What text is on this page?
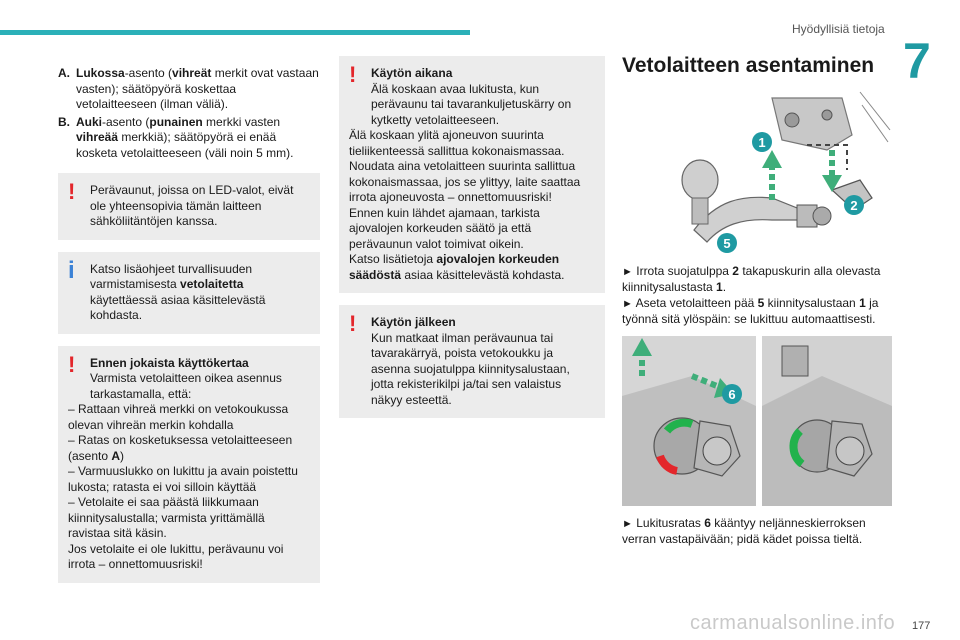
Hyödyllisiä tietoja
7
carmanualsonline.info 177
A. Lukossa-asento (vihreät merkit ovat vastaan vasten); säätöpyörä koskettaa vetolaitteeseen (ilman väliä).
B. Auki-asento (punainen merkki vasten vihreää merkkiä); säätöpyörä ei enää kosketa vetolaitteeseen (väli noin 5 mm).
!	Perävaunut, joissa on LED-valot, eivät ole yhteensopivia tämän laitteen sähköliitäntöjen kanssa.

i	Katso lisäohjeet turvallisuuden varmistamisesta vetolaitetta käytettäessä asiaa käsittelevästä kohdasta.

!	Ennen jokaista käyttökertaa

Varmista vetolaitteen oikea asennus tarkastamalla, että:

– Rattaan vihreä merkki on vetokoukussa olevan vihreän merkin kohdalla

– Ratas on kosketuksessa vetolaitteeseen (asento A)

– Varmuuslukko on lukittu ja avain poistettu lukosta; ratasta ei voi silloin käyttää

– Vetolaite ei saa päästä liikkumaan kiinnitysalustalla; varmista yrittämällä ravistaa sitä käsin.

Jos vetolaite ei ole lukittu, perävaunu voi irrota – onnettomuusriski!

!	Käytön aikana

Älä koskaan avaa lukitusta, kun perävaunu tai tavarankuljetuskärry on kytketty vetolaitteeseen.

Älä koskaan ylitä ajoneuvon suurinta tieliikenteessä sallittua kokonaismassaa.

Noudata aina vetolaitteen suurinta sallittua kokonaismassaa, jos se ylittyy, laite saattaa irrota ajoneuvosta – onnettomuusriski!

Ennen kuin lähdet ajamaan, tarkista ajovalojen korkeuden säätö ja että perävaunun valot toimivat oikein.

Katso lisätietoja ajovalojen korkeuden säädöstä asiaa käsittelevästä kohdasta.

!	Käytön jälkeen

Kun matkaat ilman perävaunua tai tavarakärryä, poista vetokoukku ja asenna suojatulppa kiinnitysalustaan, jotta rekisterikilpi ja/tai sen valaistus näkyy esteettä.

Vetolaitteen asentaminen
1
2
5
► Irrota suojatulppa 2 takapuskurin alla olevasta kiinnitysalustasta 1.
► Aseta vetolaitteen pää 5 kiinnitysalustaan 1 ja työnnä sitä ylöspäin: se lukittuu automaattisesti.
6
► Lukitusratas 6 kääntyy neljänneskierroksen verran vastapäivään; pidä kädet poissa tieltä.
